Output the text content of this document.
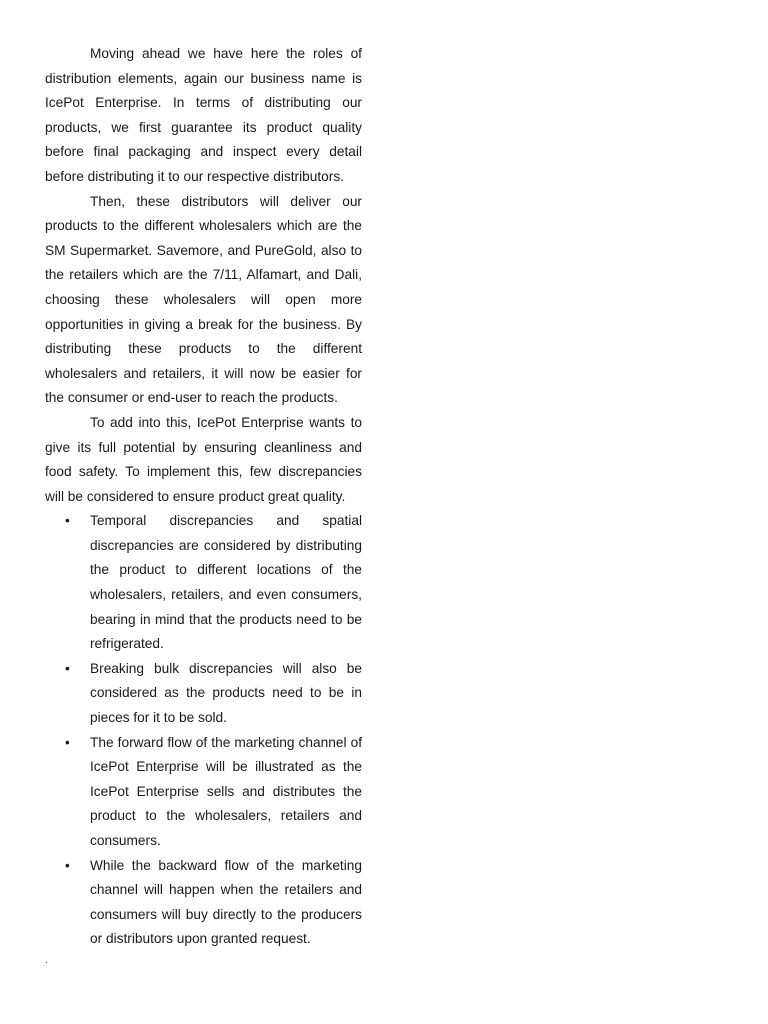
Moving ahead we have here the roles of distribution elements, again our business name is IcePot Enterprise. In terms of distributing our products, we first guarantee its product quality before final packaging and inspect every detail before distributing it to our respective distributors.

Then, these distributors will deliver our products to the different wholesalers which are the SM Supermarket. Savemore, and PureGold, also to the retailers which are the 7/11, Alfamart, and Dali, choosing these wholesalers will open more opportunities in giving a break for the business. By distributing these products to the different wholesalers and retailers, it will now be easier for the consumer or end-user to reach the products.

To add into this, IcePot Enterprise wants to give its full potential by ensuring cleanliness and food safety. To implement this, few discrepancies will be considered to ensure product great quality.

• Temporal discrepancies and spatial discrepancies are considered by distributing the product to different locations of the wholesalers, retailers, and even consumers, bearing in mind that the products need to be refrigerated.
• Breaking bulk discrepancies will also be considered as the products need to be in pieces for it to be sold.
• The forward flow of the marketing channel of IcePot Enterprise will be illustrated as the IcePot Enterprise sells and distributes the product to the wholesalers, retailers and consumers.
• While the backward flow of the marketing channel will happen when the retailers and consumers will buy directly to the producers or distributors upon granted request.
.
